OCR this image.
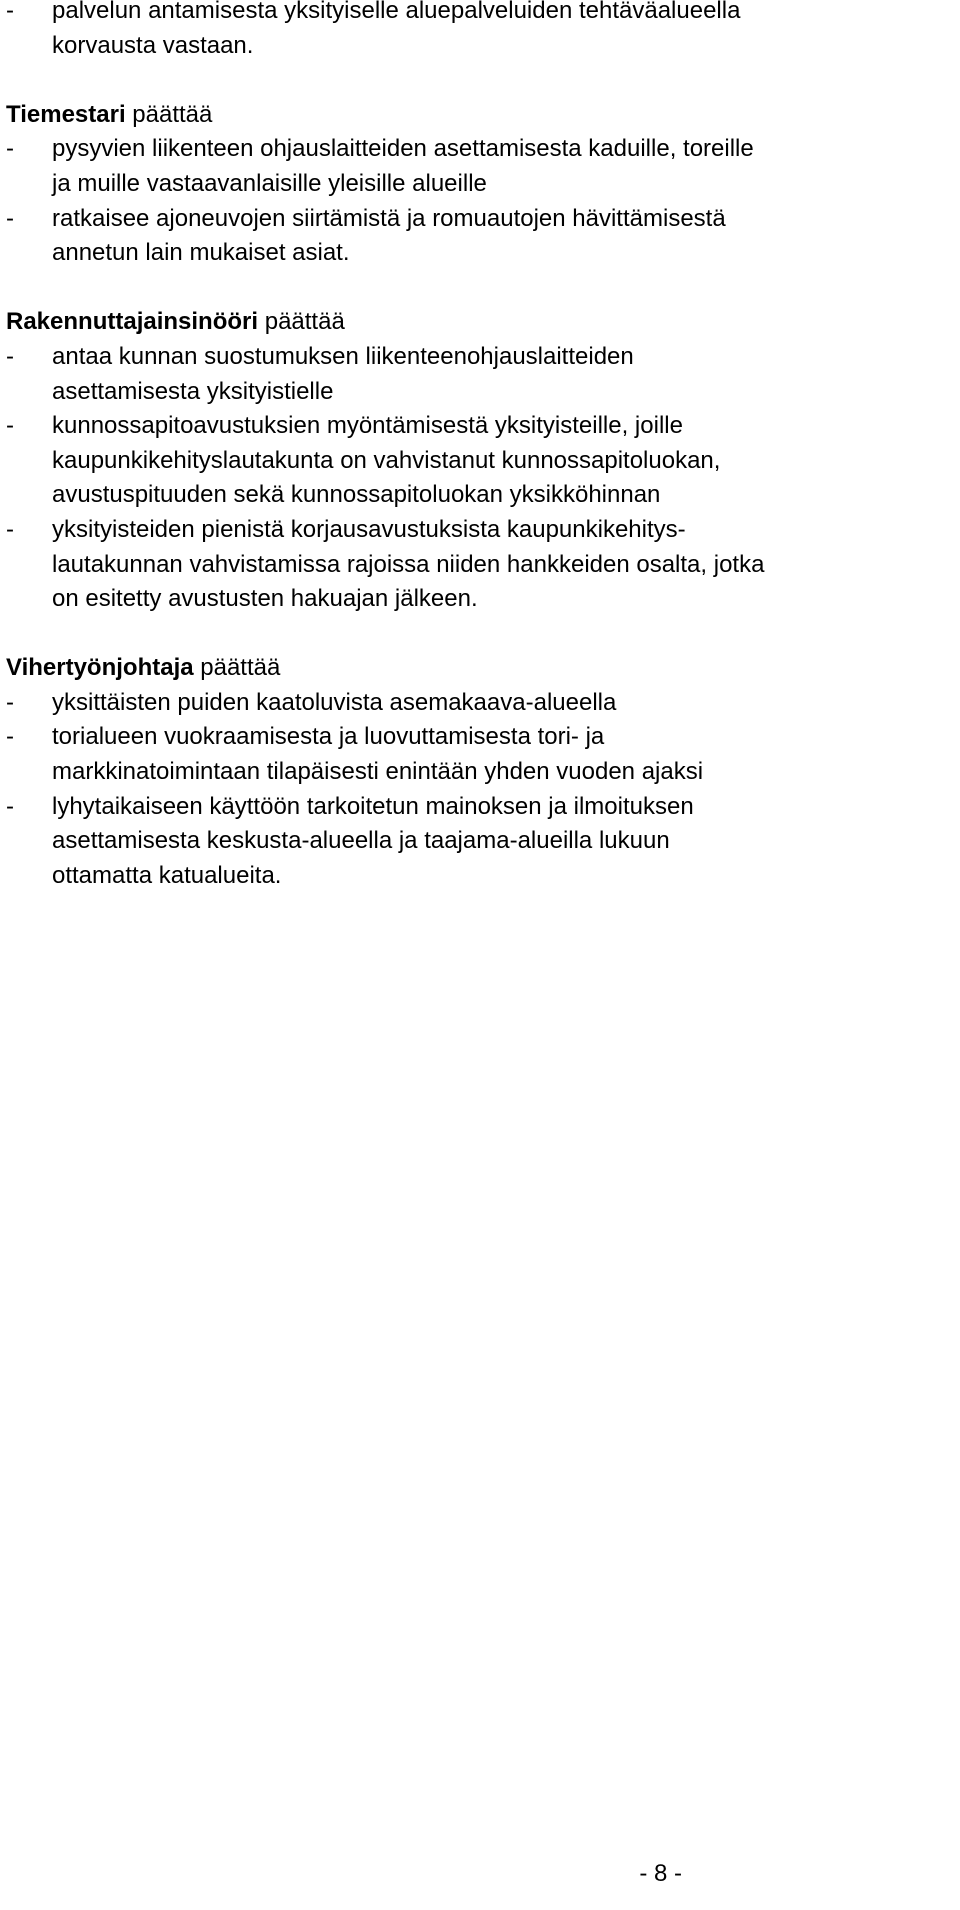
-	palvelun antamisesta yksityiselle aluepalveluiden tehtäväalueella
korvausta vastaan.
Tiemestari päättää
-	pysyvien liikenteen ohjauslaitteiden asettamisesta kaduille, toreille
ja muille vastaavanlaisille yleisille alueille
-	ratkaisee ajoneuvojen siirtämistä ja romuautojen hävittämisestä
annetun lain mukaiset asiat.
Rakennuttajainsinööri päättää
-	antaa kunnan suostumuksen liikenteenohjauslaitteiden
asettamisesta yksityistielle
-	kunnossapitoavustuksien myöntämisestä yksityisteille, joille
kaupunkikehityslautakunta on vahvistanut kunnossapitoluokan,
avustuspituuden sekä kunnossapitoluokan yksikköhinnan
-	yksityisteiden pienistä korjausavustuksista kaupunkikehitys-
lautakunnan vahvistamissa rajoissa niiden hankkeiden osalta, jotka
on esitetty avustusten hakuajan jälkeen.
Vihertyönjohtaja päättää
-	yksittäisten puiden kaatoluvista asemakaava-alueella
-	torialueen vuokraamisesta ja luovuttamisesta tori- ja
markkinatoimintaan tilapäisesti enintään yhden vuoden ajaksi
-	lyhytaikaiseen käyttöön tarkoitetun mainoksen ja ilmoituksen
asettamisesta keskusta-alueella ja taajama-alueilla lukuun
ottamatta katualueita.
- 8 -
